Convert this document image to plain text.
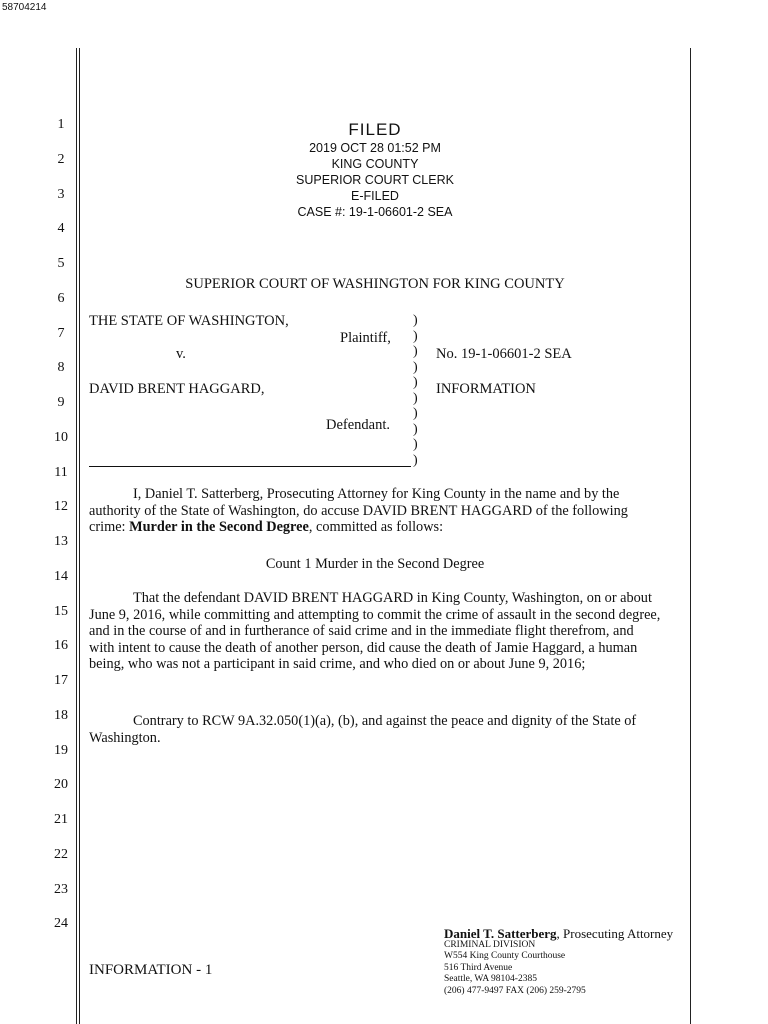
58704214
1
2
3
4
5
6
7
8
9
10
11
12
13
14
15
16
17
18
19
20
21
22
23
24
FILED
2019 OCT 28 01:52 PM
KING COUNTY
SUPERIOR COURT CLERK
E-FILED
CASE #: 19-1-06601-2 SEA
SUPERIOR COURT OF WASHINGTON FOR KING COUNTY
THE STATE OF WASHINGTON,
Plaintiff,
v.
DAVID BRENT HAGGARD,
Defendant.
)
)
)
)
)
)
)
)
)
)
No. 19-1-06601-2 SEA
INFORMATION
I, Daniel T. Satterberg, Prosecuting Attorney for King County in the name and by the authority of the State of Washington, do accuse DAVID BRENT HAGGARD of the following crime: Murder in the Second Degree, committed as follows:
Count 1 Murder in the Second Degree
That the defendant DAVID BRENT HAGGARD in King County, Washington, on or about June 9, 2016, while committing and attempting to commit the crime of assault in the second degree, and in the course of and in furtherance of said crime and in the immediate flight therefrom, and with intent to cause the death of another person, did cause the death of Jamie Haggard, a human being, who was not a participant in said crime, and who died on or about June 9, 2016;
Contrary to RCW 9A.32.050(1)(a), (b), and against the peace and dignity of the State of Washington.
INFORMATION - 1
Daniel T. Satterberg, Prosecuting Attorney
CRIMINAL DIVISION
W554 King County Courthouse
516 Third Avenue
Seattle, WA 98104-2385
(206) 477-9497 FAX (206) 259-2795
